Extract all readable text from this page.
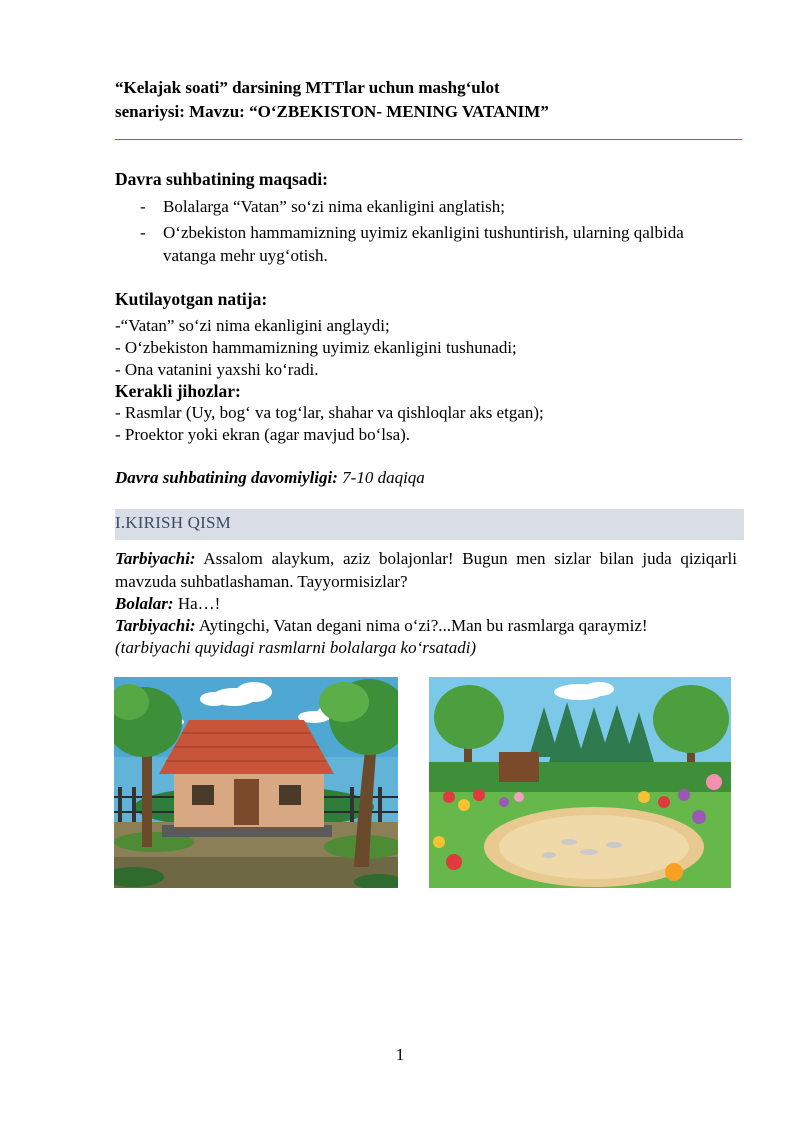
“Kelajak soati” darsining MTTlar uchun mashg‘ulot
senariysi: Mavzu: “O‘ZBEKISTON- MENING VATANIM”
Davra suhbatining maqsadi:
- Bolalarga “Vatan” so‘zi nima ekanligini anglatish;
- O‘zbekiston hammamizning uyimiz ekanligini tushuntirish, ularning qalbida
vatanga mehr uyg‘otish.
Kutilayotgan natija:
-“Vatan” so‘zi nima ekanligini anglaydi;
- O‘zbekiston hammamizning uyimiz ekanligini tushunadi;
- Ona vatanini yaxshi ko‘radi.
Kerakli jihozlar:
- Rasmlar (Uy, bog‘ va tog‘lar, shahar va qishloqlar aks etgan);
- Proektor yoki ekran (agar mavjud bo‘lsa).
Davra suhbatining davomiyligi: 7-10 daqiqa
I.KIRISH QISM
Tarbiyachi: Assalom alaykum, aziz bolajonlar! Bugun men sizlar bilan juda qiziqarli mavzuda suhbatlashaman. Tayyormisizlar?
Bolalar: Ha…!
Tarbiyachi: Aytingchi, Vatan degani nima o‘zi?...Man bu rasmlarga qaraymiz!
(tarbiyachi quyidagi rasmlarni bolalarga ko‘rsatadi)
1
